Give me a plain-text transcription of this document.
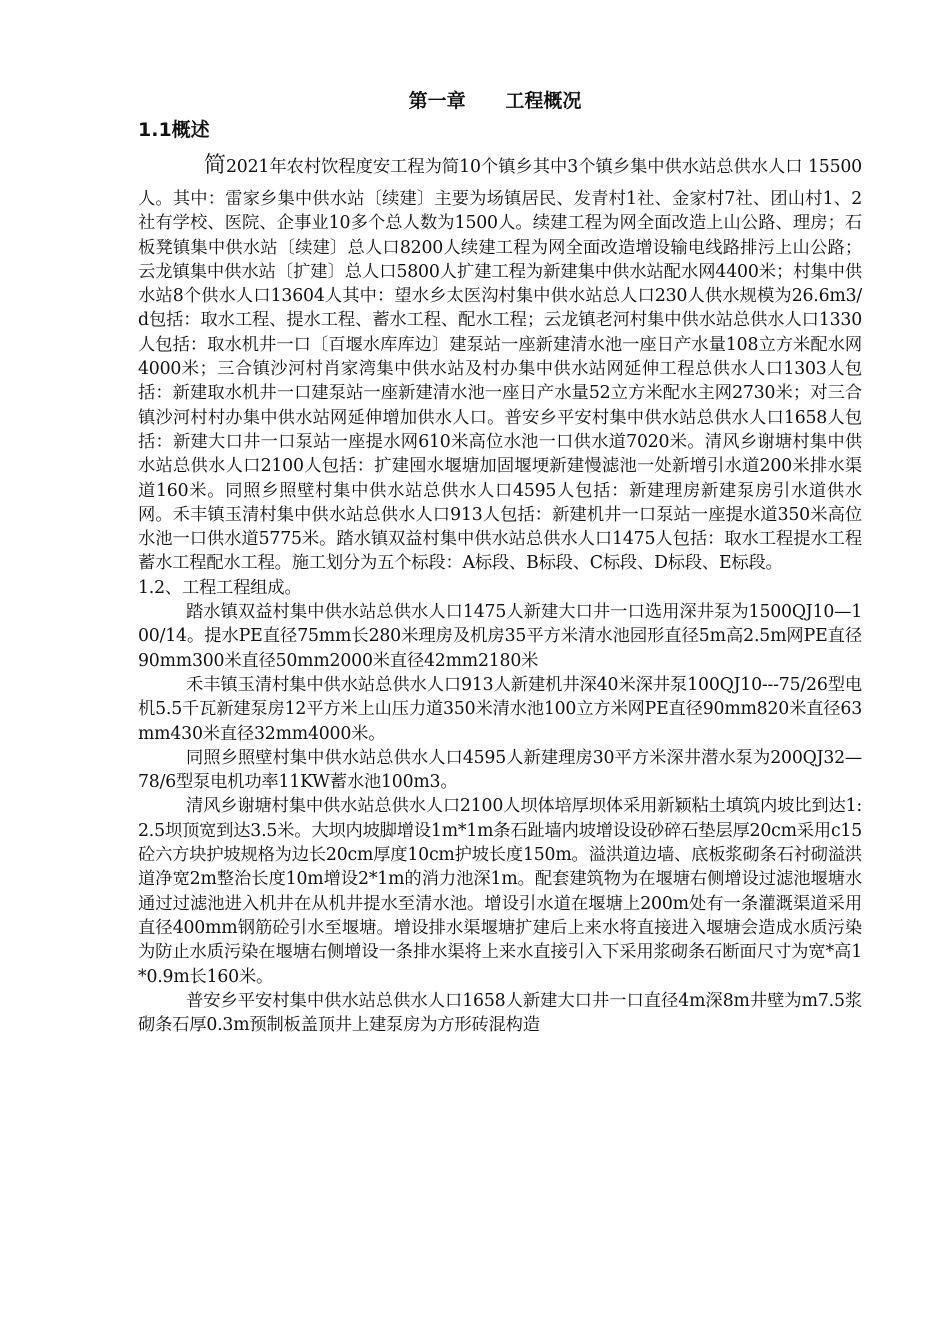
第一章      工程概况
1.1概述

简2021年农村饮程度安工程为简10个镇乡其中3个镇乡集中供水站总供水人口 15500人。其中：雷家乡集中供水站〔续建〕主要为场镇居民、发青村1社、金家村7社、团山村1、2社有学校、医院、企事业10多个总人数为1500人。续建工程为网全面改造上山公路、理房；石板凳镇集中供水站〔续建〕总人口8200人续建工程为网全面改造增设输电线路排污上山公路；云龙镇集中供水站〔扩建〕总人口5800人扩建工程为新建集中供水站配水网4400米；村集中供水站8个供水人口13604人其中：望水乡太医沟村集中供水站总人口230人供水规模为26.6m3/d包括：取水工程、提水工程、蓄水工程、配水工程；云龙镇老河村集中供水站总供水人口1330人包括：取水机井一口〔百堰水库库边〕建泵站一座新建清水池一座日产水量108立方米配水网4000米；三合镇沙河村肖家湾集中供水站及村办集中供水站网延伸工程总供水人口1303人包括：新建取水机井一口建泵站一座新建清水池一座日产水量52立方米配水主网2730米；对三合镇沙河村村办集中供水站网延伸增加供水人口。普安乡平安村集中供水站总供水人口1658人包括：新建大口井一口泵站一座提水网610米高位水池一口供水道7020米。清风乡谢塘村集中供水站总供水人口2100人包括：扩建囤水堰塘加固堰埂新建慢滤池一处新增引水道200米排水渠道160米。同照乡照壁村集中供水站总供水人口4595人包括：新建理房新建泵房引水道供水网。禾丰镇玉清村集中供水站总供水人口913人包括：新建机井一口泵站一座提水道350米高位水池一口供水道5775米。踏水镇双益村集中供水站总供水人口1475人包括：取水工程提水工程蓄水工程配水工程。施工划分为五个标段：A标段、B标段、C标段、D标段、E标段。

1.2、工程工程组成。

踏水镇双益村集中供水站总供水人口1475人新建大口井一口选用深井泵为1500QJ10—100/14。提水PE直径75mm长280米理房及机房35平方米清水池园形直径5m高2.5m网PE直径90mm300米直径50mm2000米直径42mm2180米

禾丰镇玉清村集中供水站总供水人口913人新建机井深40米深井泵100QJ10---75/26型电机5.5千瓦新建泵房12平方米上山压力道350米清水池100立方米网PE直径90mm820米直径63mm430米直径32mm4000米。

同照乡照壁村集中供水站总供水人口4595人新建理房30平方米深井潜水泵为200QJ32—78/6型泵电机功率11KW蓄水池100m3。

清风乡谢塘村集中供水站总供水人口2100人坝体培厚坝体采用新颖粘土填筑内坡比到达1:2.5坝顶宽到达3.5米。大坝内坡脚增设1m*1m条石趾墙内坡增设设砂碎石垫层厚20cm采用c15砼六方块护坡规格为边长20cm厚度10cm护坡长度150m。溢洪道边墙、底板浆砌条石衬砌溢洪道净宽2m整治长度10m增设2*1m的消力池深1m。配套建筑物为在堰塘右侧增设过滤池堰塘水通过过滤池进入机井在从机井提水至清水池。增设引水道在堰塘上200m处有一条灌溉渠道采用直径400mm钢筋砼引水至堰塘。增设排水渠堰塘扩建后上来水将直接进入堰塘会造成水质污染为防止水质污染在堰塘右侧增设一条排水渠将上来水直接引入下采用浆砌条石断面尺寸为宽*高1*0.9m长160米。

普安乡平安村集中供水站总供水人口1658人新建大口井一口直径4m深8m井壁为m7.5浆砌条石厚0.3m预制板盖顶井上建泵房为方形砖混构造
